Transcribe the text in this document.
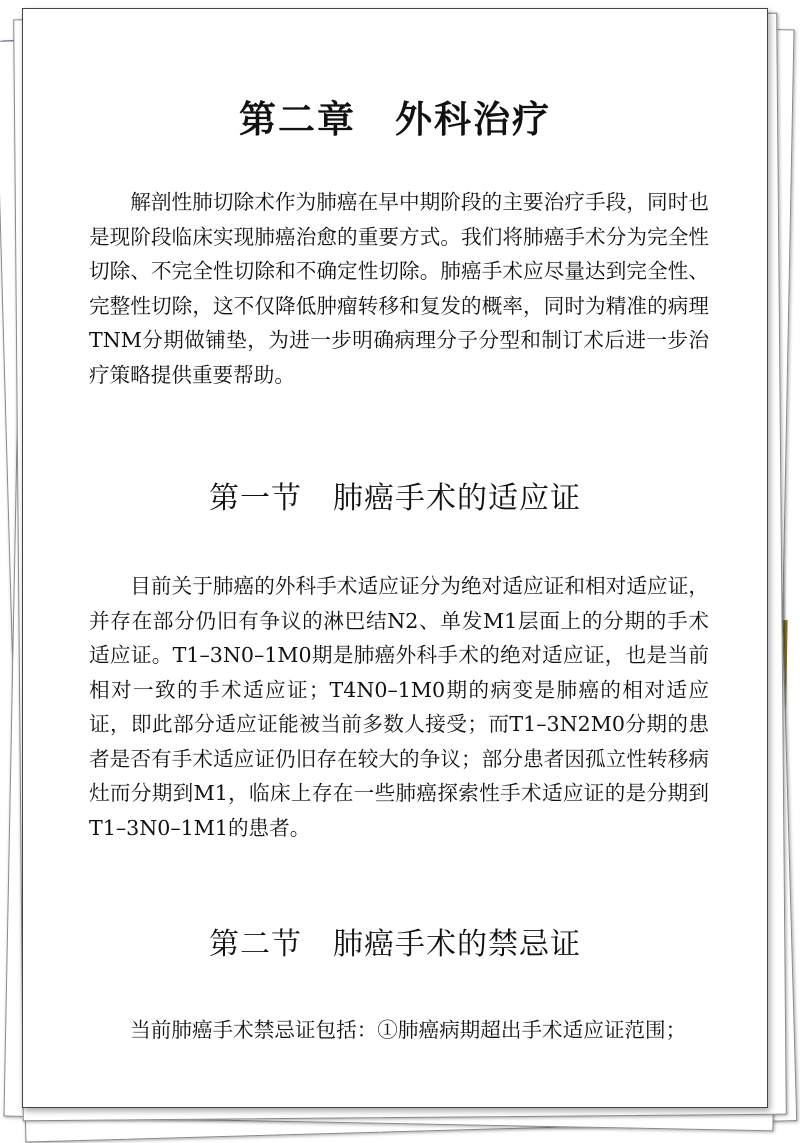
第二章　外科治疗
解剖性肺切除术作为肺癌在早中期阶段的主要治疗手段，同时也是现阶段临床实现肺癌治愈的重要方式。我们将肺癌手术分为完全性切除、不完全性切除和不确定性切除。肺癌手术应尽量达到完全性、完整性切除，这不仅降低肿瘤转移和复发的概率，同时为精准的病理TNM分期做铺垫，为进一步明确病理分子分型和制订术后进一步治疗策略提供重要帮助。
第一节　肺癌手术的适应证
目前关于肺癌的外科手术适应证分为绝对适应证和相对适应证，并存在部分仍旧有争议的淋巴结N2、单发M1层面上的分期的手术适应证。T1–3N0–1M0期是肺癌外科手术的绝对适应证，也是当前相对一致的手术适应证；T4N0–1M0期的病变是肺癌的相对适应证，即此部分适应证能被当前多数人接受；而T1–3N2M0分期的患者是否有手术适应证仍旧存在较大的争议；部分患者因孤立性转移病灶而分期到M1，临床上存在一些肺癌探索性手术适应证的是分期到T1–3N0–1M1的患者。
第二节　肺癌手术的禁忌证
当前肺癌手术禁忌证包括：①肺癌病期超出手术适应证范围；
